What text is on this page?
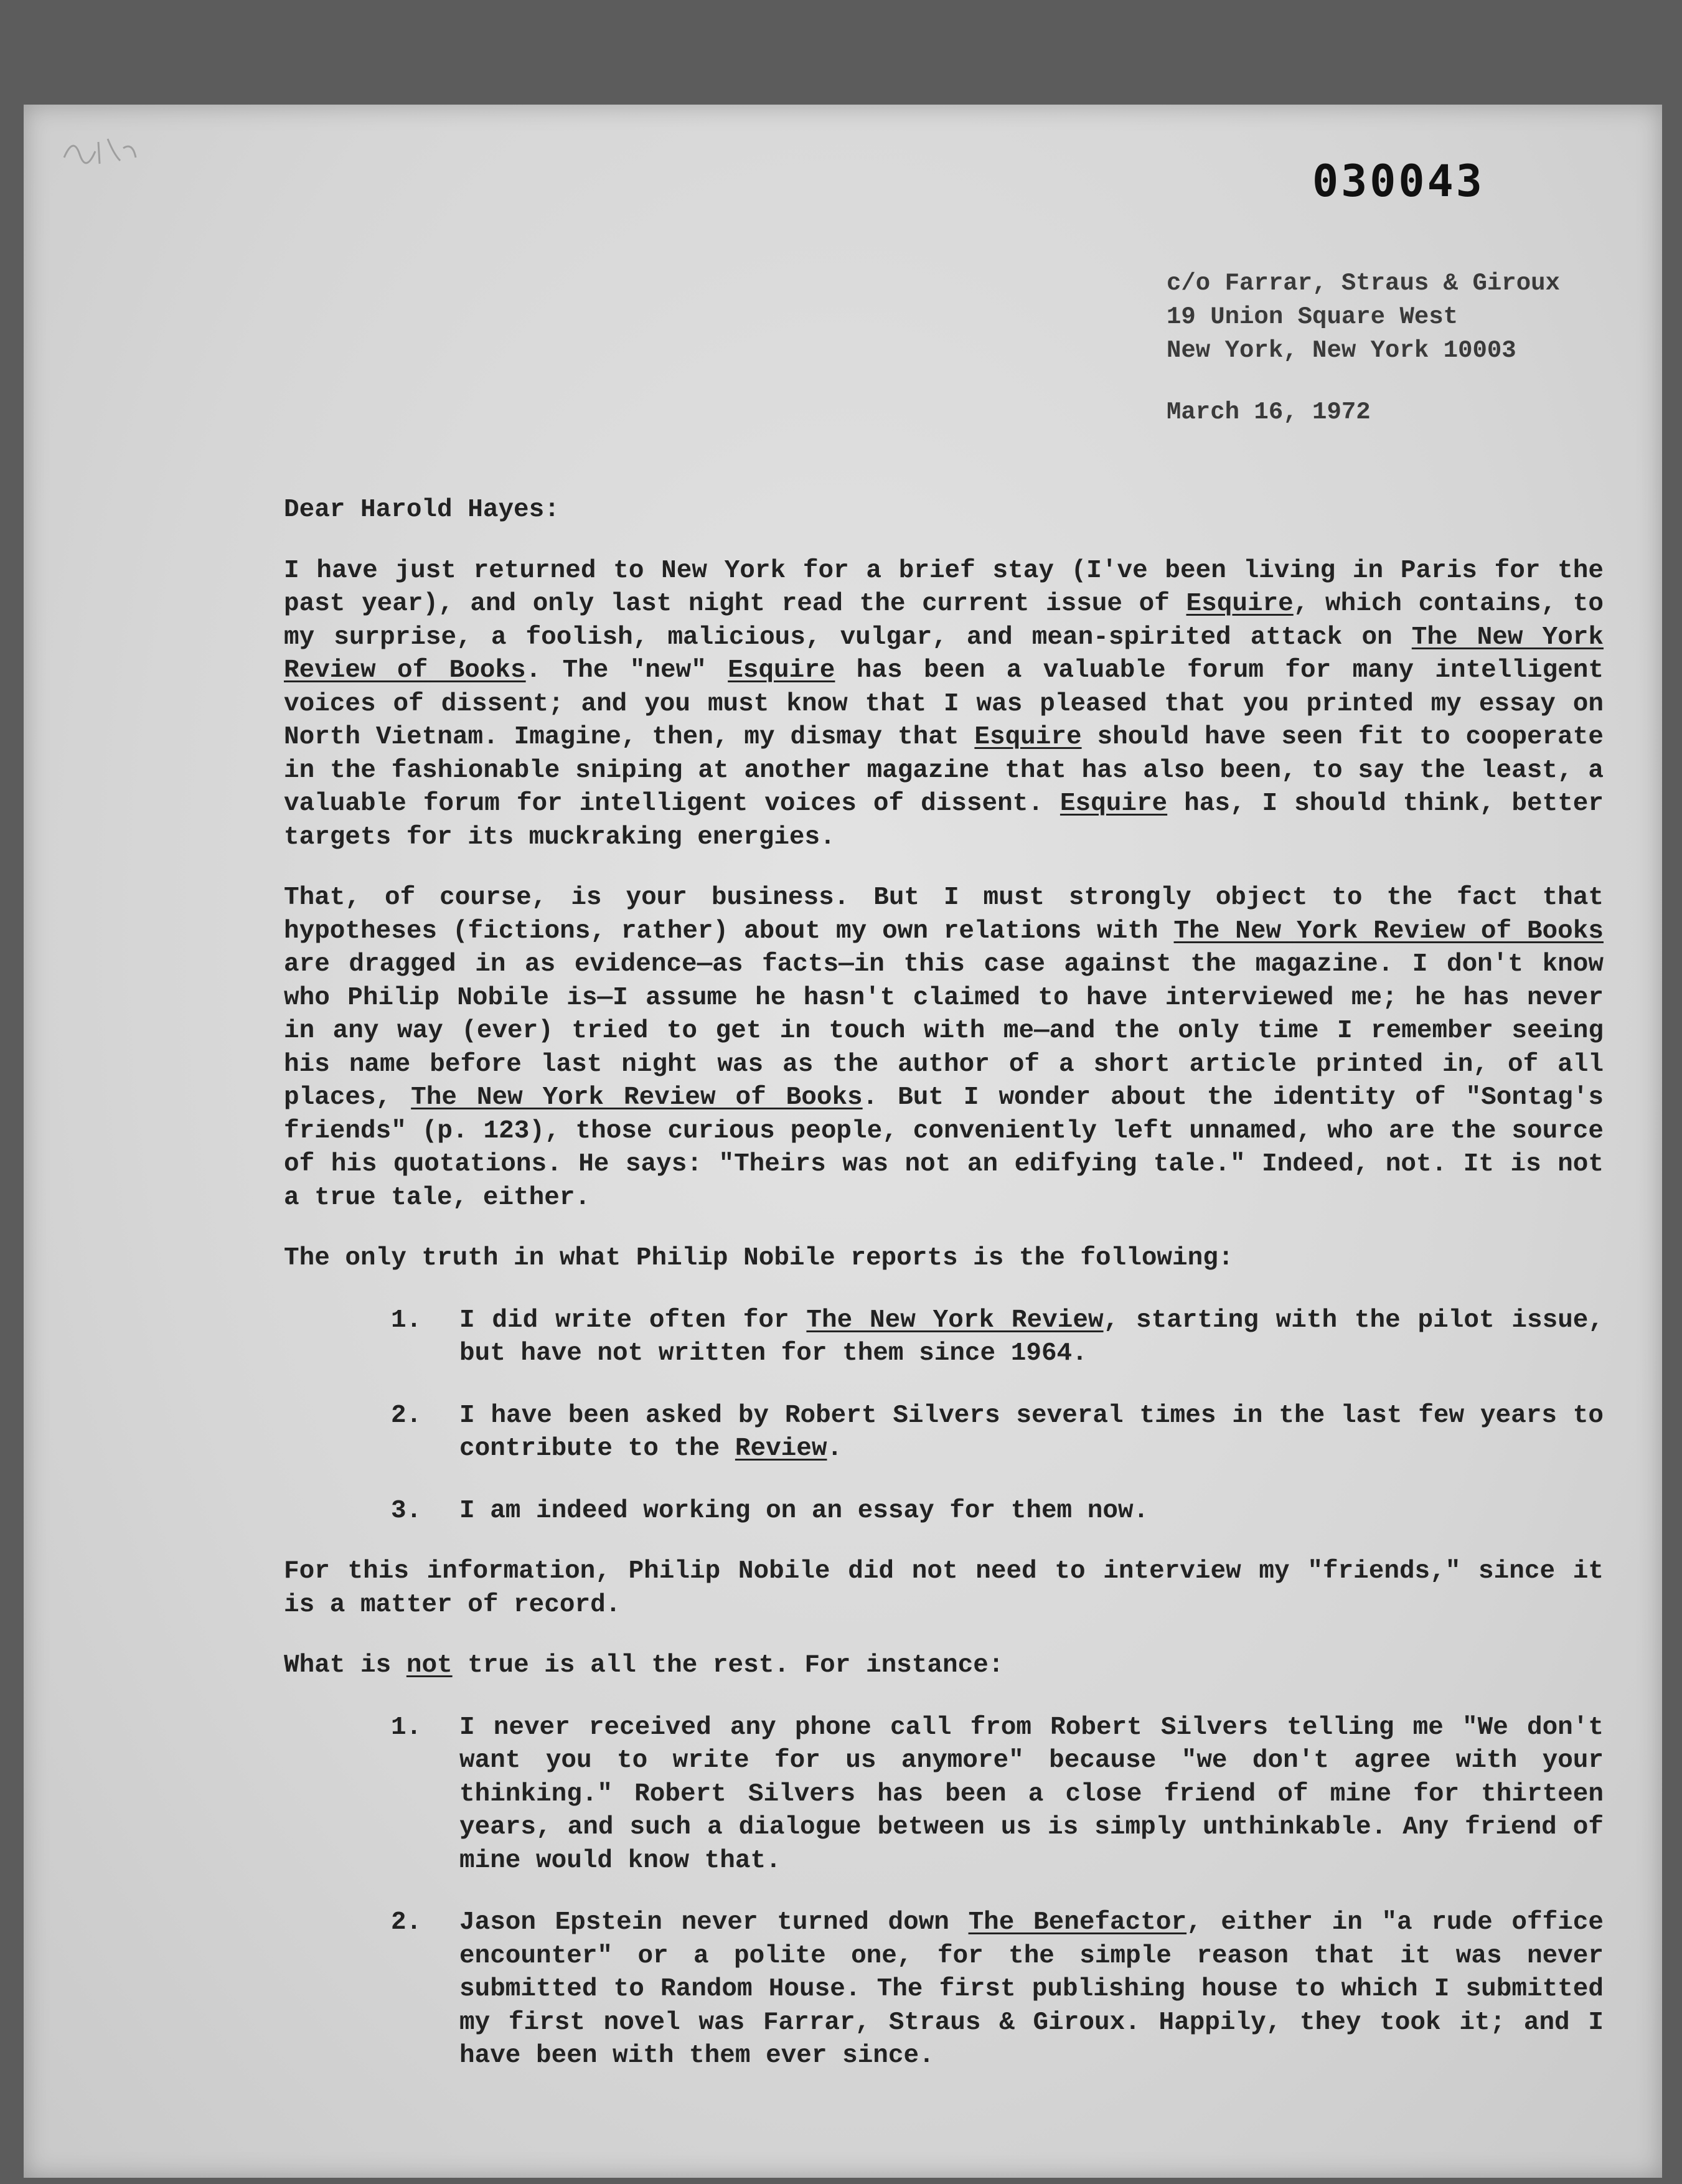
030043
c/o Farrar, Straus & Giroux
19 Union Square West
New York, New York 10003
March 16, 1972

Dear Harold Hayes:

I have just returned to New York for a brief stay (I've been living in Paris for the past year), and only last night read the current issue of Esquire, which contains, to my surprise, a foolish, malicious, vulgar, and mean-spirited attack on The New York Review of Books. The "new" Esquire has been a valuable forum for many intelligent voices of dissent; and you must know that I was pleased that you printed my essay on North Vietnam. Imagine, then, my dismay that Esquire should have seen fit to cooperate in the fashionable sniping at another magazine that has also been, to say the least, a valuable forum for intelligent voices of dissent. Esquire has, I should think, better targets for its muckraking energies.

That, of course, is your business. But I must strongly object to the fact that hypotheses (fictions, rather) about my own relations with The New York Review of Books are dragged in as evidence—as facts—in this case against the magazine. I don't know who Philip Nobile is—I assume he hasn't claimed to have interviewed me; he has never in any way (ever) tried to get in touch with me—and the only time I remember seeing his name before last night was as the author of a short article printed in, of all places, The New York Review of Books. But I wonder about the identity of "Sontag's friends" (p. 123), those curious people, conveniently left unnamed, who are the source of his quotations. He says: "Theirs was not an edifying tale." Indeed, not. It is not a true tale, either.

The only truth in what Philip Nobile reports is the following:

1.	I did write often for The New York Review, starting with the pilot issue, but have not written for them since 1964.
2.	I have been asked by Robert Silvers several times in the last few years to contribute to the Review.
3.	I am indeed working on an essay for them now.

For this information, Philip Nobile did not need to interview my "friends," since it is a matter of record.

What is not true is all the rest. For instance:

1.	I never received any phone call from Robert Silvers telling me "We don't want you to write for us anymore" because "we don't agree with your thinking." Robert Silvers has been a close friend of mine for thirteen years, and such a dialogue between us is simply unthinkable. Any friend of mine would know that.
2.	Jason Epstein never turned down The Benefactor, either in "a rude office encounter" or a polite one, for the simple reason that it was never submitted to Random House. The first publishing house to which I submitted my first novel was Farrar, Straus & Giroux. Happily, they took it; and I have been with them ever since.
